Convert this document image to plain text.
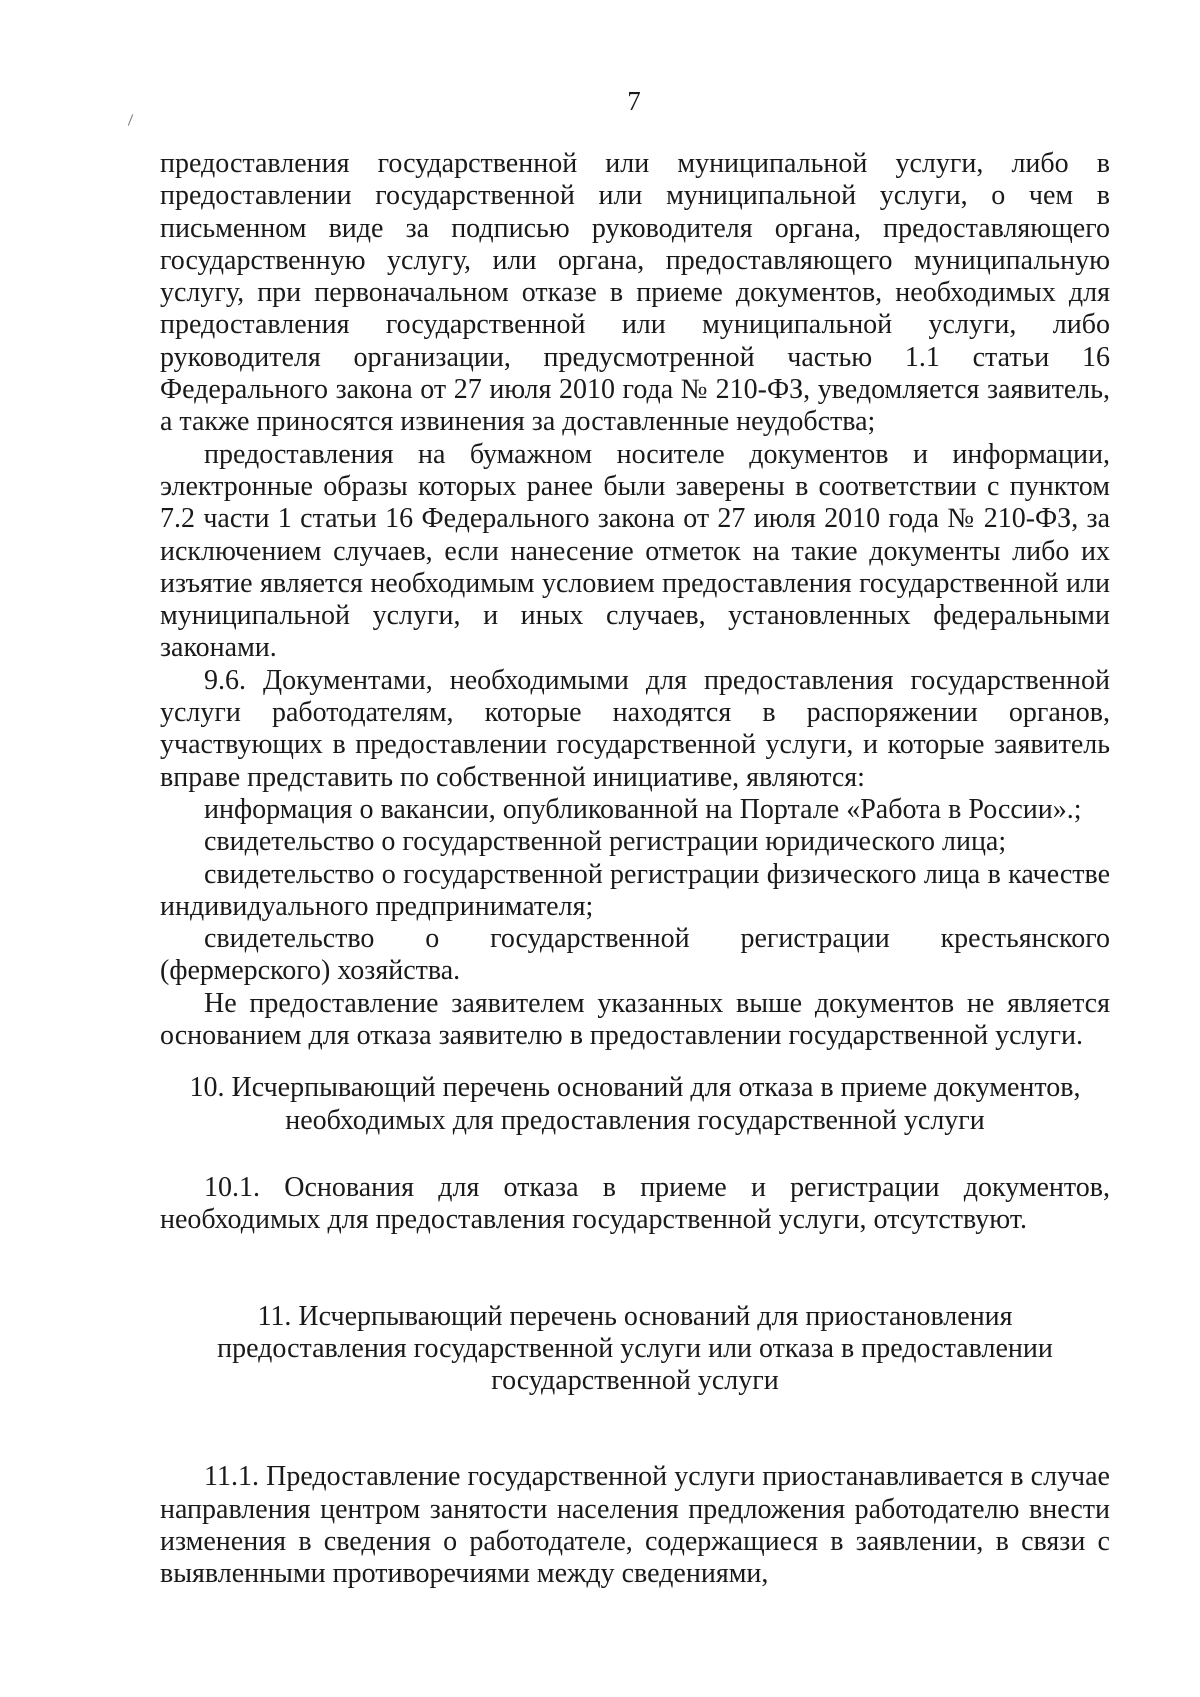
7

предоставления государственной или муниципальной услуги, либо в предоставлении государственной или муниципальной услуги, о чем в письменном виде за подписью руководителя органа, предоставляющего государственную услугу, или органа, предоставляющего муниципальную услугу, при первоначальном отказе в приеме документов, необходимых для предоставления государственной или муниципальной услуги, либо руководителя организации, предусмотренной частью 1.1 статьи 16 Федерального закона от 27 июля 2010 года № 210-ФЗ, уведомляется заявитель, а также приносятся извинения за доставленные неудобства;

предоставления на бумажном носителе документов и информации, электронные образы которых ранее были заверены в соответствии с пунктом 7.2 части 1 статьи 16 Федерального закона от 27 июля 2010 года № 210-ФЗ, за исключением случаев, если нанесение отметок на такие документы либо их изъятие является необходимым условием предоставления государственной или муниципальной услуги, и иных случаев, установленных федеральными законами.

9.6. Документами, необходимыми для предоставления государственной услуги работодателям, которые находятся в распоряжении органов, участвующих в предоставлении государственной услуги, и которые заявитель вправе представить по собственной инициативе, являются:

информация о вакансии, опубликованной на Портале «Работа в России».;

свидетельство о государственной регистрации юридического лица;

свидетельство о государственной регистрации физического лица в качестве индивидуального предпринимателя;

свидетельство о государственной регистрации крестьянского (фермерского) хозяйства.

Не предоставление заявителем указанных выше документов не является основанием для отказа заявителю в предоставлении государственной услуги.

10. Исчерпывающий перечень оснований для отказа в приеме документов,
необходимых для предоставления государственной услуги

10.1. Основания для отказа в приеме и регистрации документов, необходимых для предоставления государственной услуги, отсутствуют.

11. Исчерпывающий перечень оснований для приостановления
предоставления государственной услуги или отказа в предоставлении
государственной услуги

11.1. Предоставление государственной услуги приостанавливается в случае направления центром занятости населения предложения работодателю внести изменения в сведения о работодателе, содержащиеся в заявлении, в связи с выявленными противоречиями между сведениями,
